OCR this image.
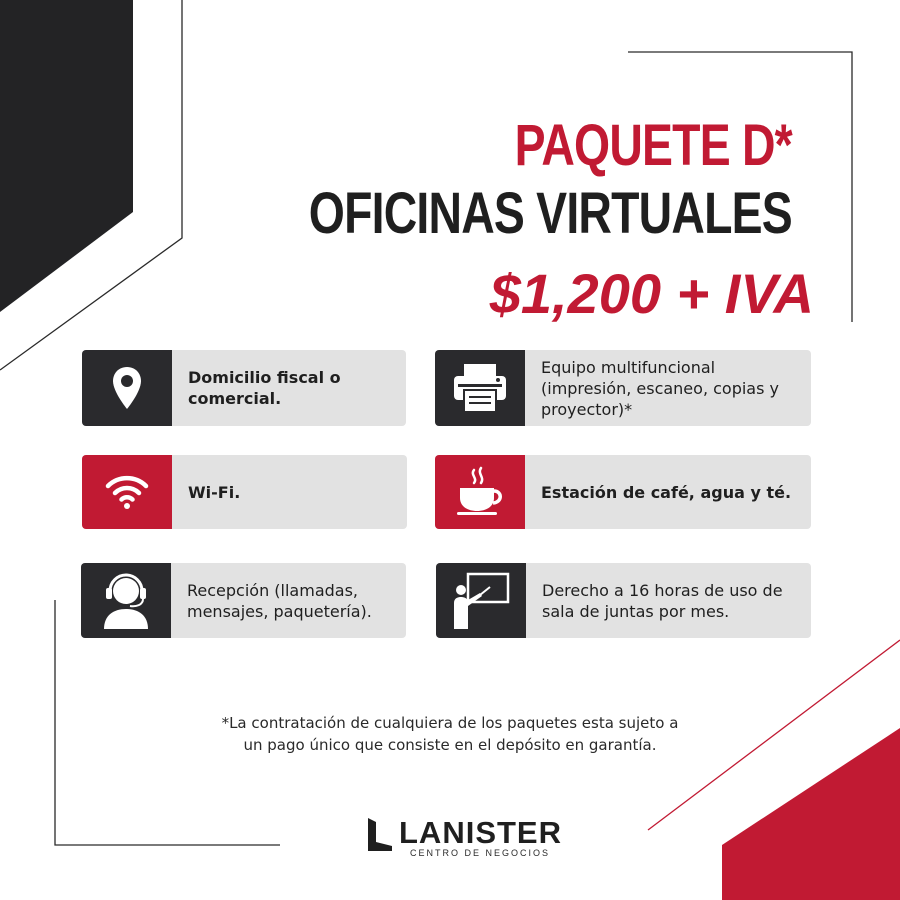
PAQUETE D*
OFICINAS VIRTUALES
$1,200 + IVA
Domicilio fiscal o comercial.
Equipo multifuncional (impresión, escaneo, copias y proyector)*
Wi-Fi.	Estación de café, agua y té.
Recepción (llamadas, mensajes, paquetería).
Derecho a 16 horas de uso de sala de juntas por mes.
*La contratación de cualquiera de los paquetes esta sujeto a
un pago único que consiste en el depósito en garantía.
LANISTER
CENTRO DE NEGOCIOS
